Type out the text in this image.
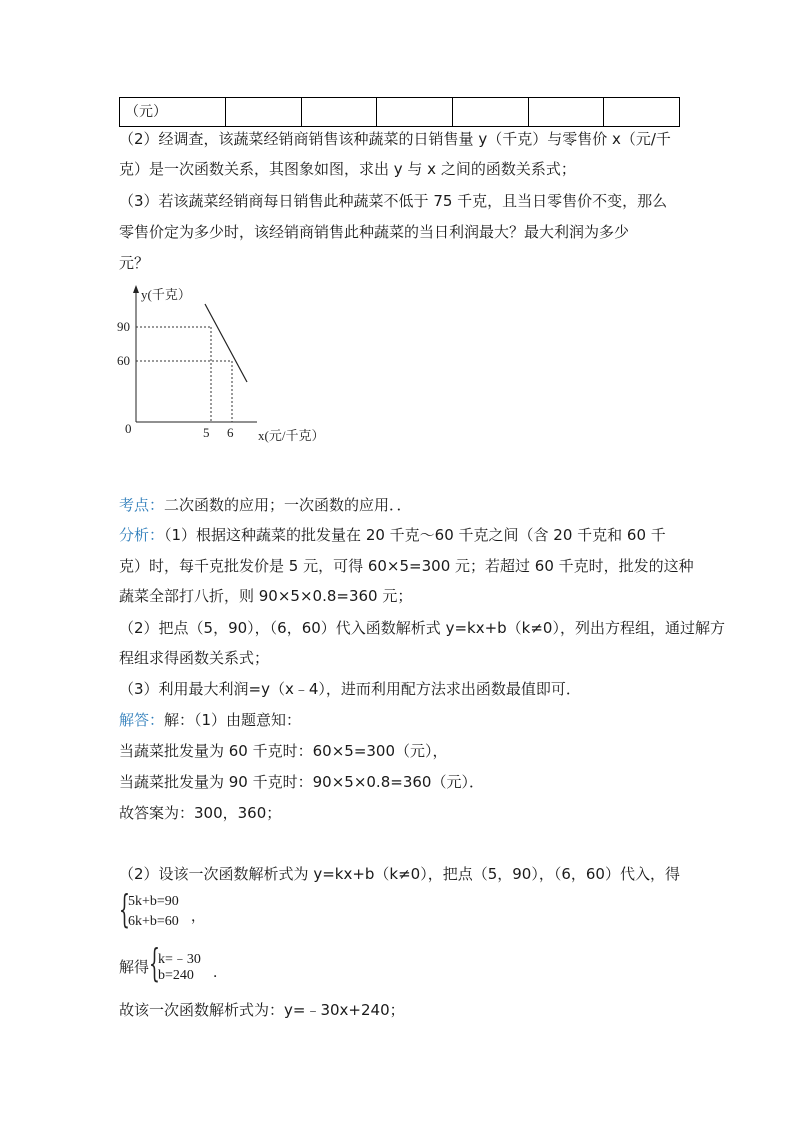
（元）						
（2）经调查，该蔬菜经销商销售该种蔬菜的日销售量 y（千克）与零售价 x（元/千
克）是一次函数关系，其图象如图，求出 y 与 x 之间的函数关系式；
（3）若该蔬菜经销商每日销售此种蔬菜不低于 75 千克，且当日零售价不变，那么
零售价定为多少时，该经销商销售此种蔬菜的当日利润最大？最大利润为多少
元？
y(千克）
90
60
0	5 6 x(元/千克）
考点：二次函数的应用；一次函数的应用．．
分析：（1）根据这种蔬菜的批发量在 20 千克～60 千克之间（含 20 千克和 60 千
克）时，每千克批发价是 5 元，可得 60×5=300 元；若超过 60 千克时，批发的这种
蔬菜全部打八折，则 90×5×0.8=360 元；
（2）把点（5，90），（6，60）代入函数解析式 y=kx+b（k≠0），列出方程组，通过解方
程组求得函数关系式；
（3）利用最大利润=y（x﹣4），进而利用配方法求出函数最值即可．
解答：解：（1）由题意知：
当蔬菜批发量为 60 千克时：60×5=300（元），
当蔬菜批发量为 90 千克时：90×5×0.8=360（元）．
故答案为：300，360；
（2）设该一次函数解析式为 y=kx+b（k≠0），把点（5，90），（6，60）代入，得
{
5k+b=90
6k+b=60 ，
解得 {
k=﹣30
b=240 ．
故该一次函数解析式为：y=﹣30x+240；
